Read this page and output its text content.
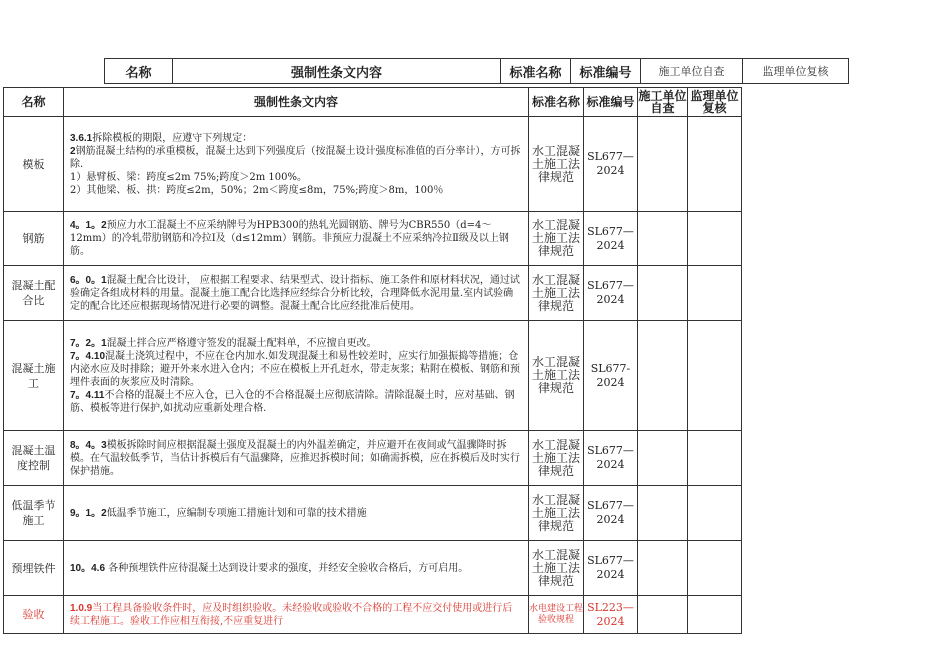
名称	强制性条文内容	标准名称	标准编号	施工单位自查	监理单位复核
名称	强制性条文内容	标准名称	标准编号	施工单位自查	监理单位复核
模板	3.6.1拆除模板的期限，应遵守下列规定：
2钢筋混凝土结构的承重模板，混凝土达到下列强度后（按混凝土设计强度标准值的百分率计），方可拆除.
1）悬臂板、梁：跨度≤2m 75%;跨度＞2m 100%。
2）其他梁、板、拱：跨度≤2m，50%；2m＜跨度≤8m，75%;跨度＞8m，100％	水工混凝土施工法律规范	SL677—2024		
钢筋	4。1。2预应力水工混凝土不应采纳牌号为HPB300的热轧光圆钢筋、牌号为CBR550（d=4～12mm）的冷轧带肋钢筋和冷拉Ⅰ及（d≤12mm）钢筋。非预应力混凝土不应采纳冷拉Ⅱ级及以上钢筋。	水工混凝土施工法律规范	SL677—2024		
混凝土配合比	6。0。1混凝土配合比设计， 应根据工程要求、结果型式、设计指标、施工条件和原材料状况，通过试验确定各组成材料的用量。混凝土施工配合比选择应经综合分析比较，合理降低水泥用量.室内试验确定的配合比还应根据现场情况进行必要的调整。混凝土配合比应经批准后使用。	水工混凝土施工法律规范	SL677—2024		
混凝土施工	7。2。1混凝土拌合应严格遵守签发的混凝土配料单，不应擅自更改。
7。4.10混凝土浇筑过程中，不应在仓内加水.如发现混凝土和易性较差时，应实行加强振捣等措施；仓内泌水应及时排除；避开外来水进入仓内；不应在模板上开孔赶水，带走灰浆；粘附在模板、钢筋和预埋件表面的灰浆应及时清除。
7。4.11不合格的混凝土不应入仓，已入仓的不合格混凝土应彻底清除。清除混凝土时，应对基础、钢筋、模板等进行保护,如扰动应重新处理合格.	水工混凝土施工法律规范	SL677-2024		
混凝土温度控制	8。4。3模板拆除时间应根据混凝土强度及混凝土的内外温差确定，并应避开在夜间或气温骤降时拆模。在气温较低季节，当估计拆模后有气温骤降，应推迟拆模时间；如确需拆模，应在拆模后及时实行保护措施。	水工混凝土施工法律规范	SL677—2024		
低温季节施工	9。1。2低温季节施工，应编制专项施工措施计划和可靠的技术措施	水工混凝土施工法律规范	SL677—2024		
预埋铁件	10。4.6 各种预埋铁件应待混凝土达到设计要求的强度，并经安全验收合格后，方可启用。	水工混凝土施工法律规范	SL677—2024		
验收	1.0.9当工程具备验收条件时，应及时组织验收。未经验收或验收不合格的工程不应交付使用或进行后续工程施工。验收工作应相互衔接,不应重复进行	水电建设工程验收规程	SL223—2024		
